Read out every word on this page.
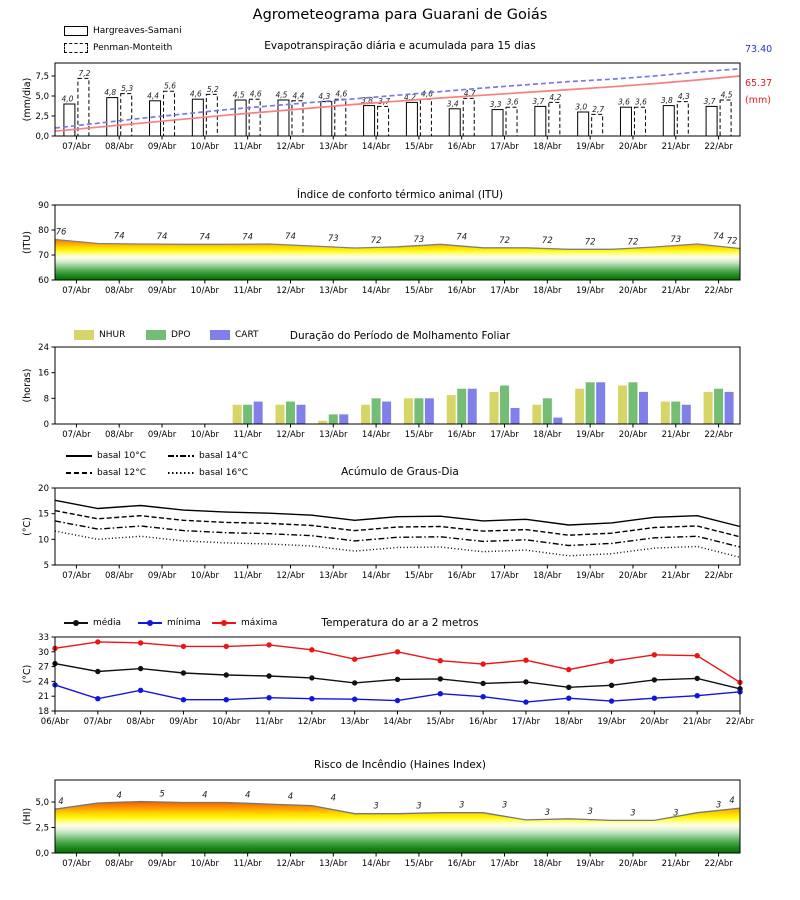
4,0
4,8	4,4	4,6	4,5	4,5	4,3	3,8	4,2
3,4	3,3	3,7
3,0
3,6	3,8	3,7
7,2
5,3	5,6	5,2
4,6	4,4	4,6
3,7
4,6	4,7
3,6
4,2
2,7
3,6
4,3	4,5
0,0
2,5
5,0
7,5
(mm/dia)
07/Abr 08/Abr 09/Abr 10/Abr 11/Abr 12/Abr 13/Abr 14/Abr 15/Abr 16/Abr 17/Abr 18/Abr 19/Abr 20/Abr 21/Abr 22/Abr
76	74	74	74	74	74	73	72	73	74	72	72	72	72	73	74 72
60
70
80
90
(ITU)
07/Abr 08/Abr 09/Abr 10/Abr 11/Abr 12/Abr 13/Abr 14/Abr 15/Abr 16/Abr 17/Abr 18/Abr 19/Abr 20/Abr 21/Abr 22/Abr
0
8
16
24
(horas)
07/Abr 08/Abr 09/Abr 10/Abr 11/Abr 12/Abr 13/Abr 14/Abr 15/Abr 16/Abr 17/Abr 18/Abr 19/Abr 20/Abr 21/Abr 22/Abr
5
10
15
20
(°C)
07/Abr 08/Abr 09/Abr 10/Abr 11/Abr 12/Abr 13/Abr 14/Abr 15/Abr 16/Abr 17/Abr 18/Abr 19/Abr 20/Abr 21/Abr 22/Abr
18
21
24
27
30
33
(°C)
06/Abr 07/Abr 08/Abr 09/Abr 10/Abr 11/Abr 12/Abr 13/Abr 14/Abr 15/Abr 16/Abr 17/Abr 18/Abr 19/Abr 20/Abr 21/Abr 22/Abr
4
4	5	4	4	4	4
3	3	3	3
3	3	3	3
3 4
0,0
2,5
5,0
(HI)
07/Abr 08/Abr 09/Abr 10/Abr 11/Abr 12/Abr 13/Abr 14/Abr 15/Abr 16/Abr 17/Abr 18/Abr 19/Abr 20/Abr 21/Abr 22/Abr
Agrometeograma para Guarani de Goiás
Evapotranspiração diária e acumulada para 15 dias
Índice de conforto térmico animal (ITU)
Duração do Período de Molhamento Foliar
Acúmulo de Graus-Dia
Temperatura do ar a 2 metros
Risco de Incêndio (Haines Index)
Hargreaves-Samani
Penman-Monteith	73.40
65.37
(mm)
NHUR	DPO	CART
basal 10°C
basal 12°C
basal 14°C
basal 16°C
média	mínima	máxima
